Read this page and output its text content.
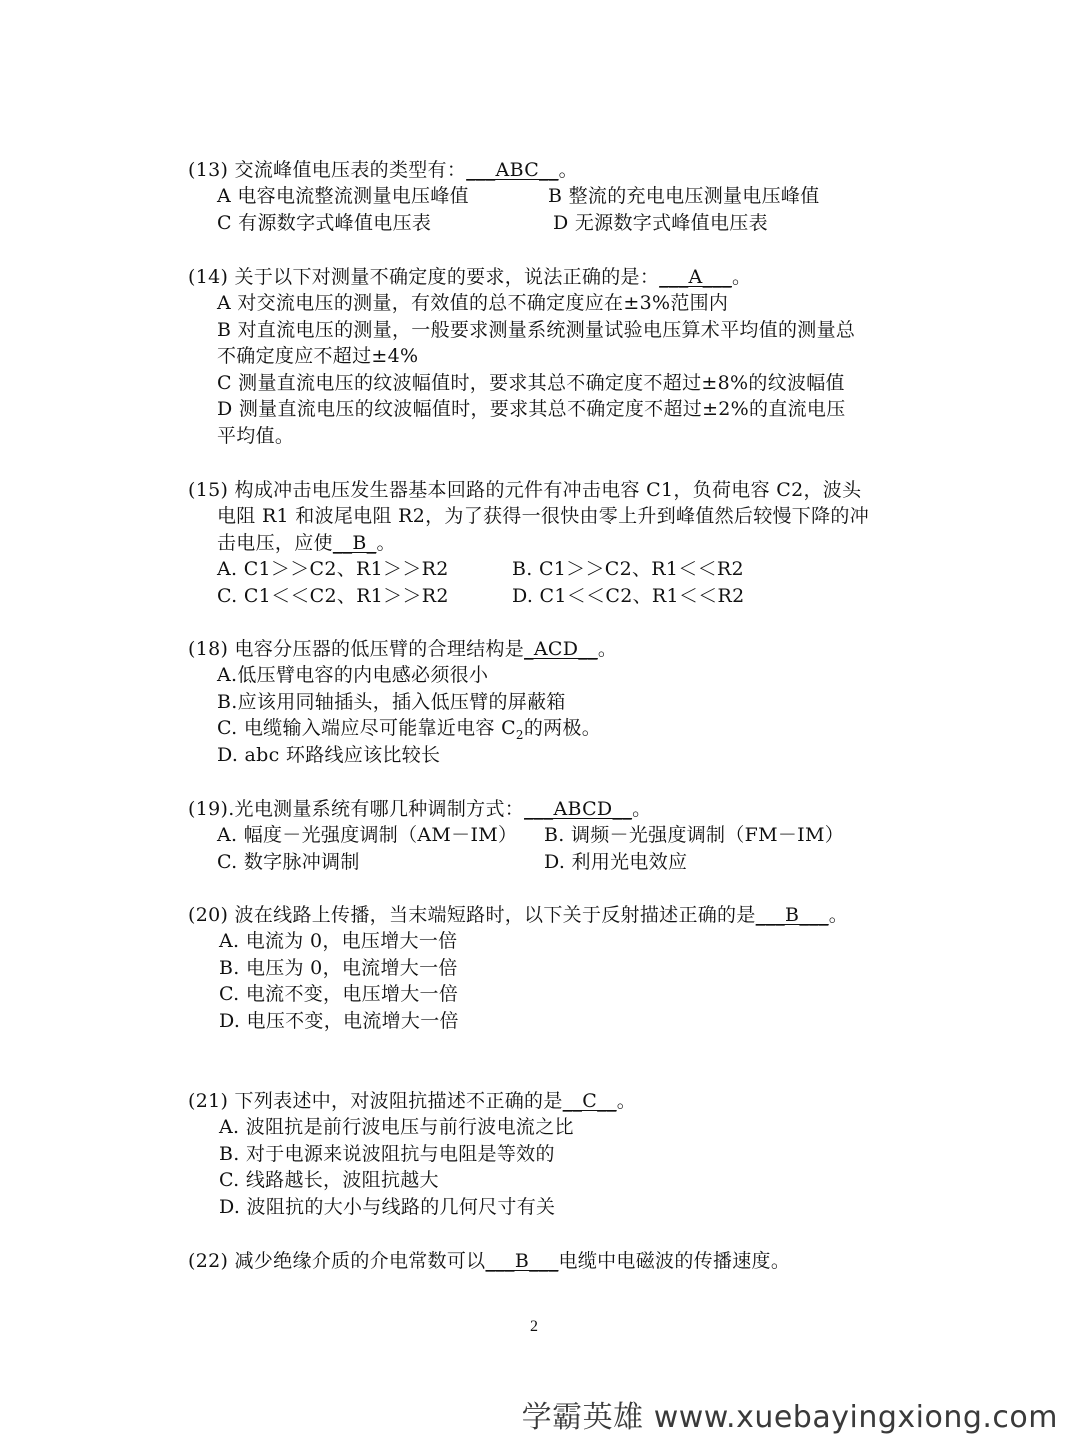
(13) 交流峰值电压表的类型有：___ABC__。
A 电容电流整流测量电压峰值	B 整流的充电电压测量电压峰值
C 有源数字式峰值电压表	D 无源数字式峰值电压表
(14) 关于以下对测量不确定度的要求，说法正确的是：___A___。
A 对交流电压的测量，有效值的总不确定度应在±3%范围内
B 对直流电压的测量，一般要求测量系统测量试验电压算术平均值的测量总
不确定度应不超过±4%
C 测量直流电压的纹波幅值时，要求其总不确定度不超过±8%的纹波幅值
D 测量直流电压的纹波幅值时，要求其总不确定度不超过±2%的直流电压
平均值。
(15) 构成冲击电压发生器基本回路的元件有冲击电容 C1，负荷电容 C2，波头
电阻 R1 和波尾电阻 R2，为了获得一很快由零上升到峰值然后较慢下降的冲
击电压，应使__B_。
A. C1＞＞C2、R1＞＞R2	B. C1＞＞C2、R1＜＜R2
C. C1＜＜C2、R1＞＞R2	D. C1＜＜C2、R1＜＜R2
(18) 电容分压器的低压臂的合理结构是_ACD__。
A.低压臂电容的内电感必须很小
B.应该用同轴插头，插入低压臂的屏蔽箱
C. 电缆输入端应尽可能靠近电容 $C_2$的两极。
D. abc 环路线应该比较长
(19).光电测量系统有哪几种调制方式：___ABCD__。
A. 幅度－光强度调制（AM－IM） B. 调频－光强度调制（FM－IM）
C. 数字脉冲调制	D. 利用光电效应
(20) 波在线路上传播，当末端短路时，以下关于反射描述正确的是___B___。
A. 电流为 0，电压增大一倍
B. 电压为 0，电流增大一倍
C. 电流不变，电压增大一倍
D. 电压不变，电流增大一倍
(21) 下列表述中，对波阻抗描述不正确的是__C__。
A. 波阻抗是前行波电压与前行波电流之比
B. 对于电源来说波阻抗与电阻是等效的
C. 线路越长，波阻抗越大
D. 波阻抗的大小与线路的几何尺寸有关
(22) 减少绝缘介质的介电常数可以___B___电缆中电磁波的传播速度。
2
学霸英雄 www.xuebayingxiong.com
